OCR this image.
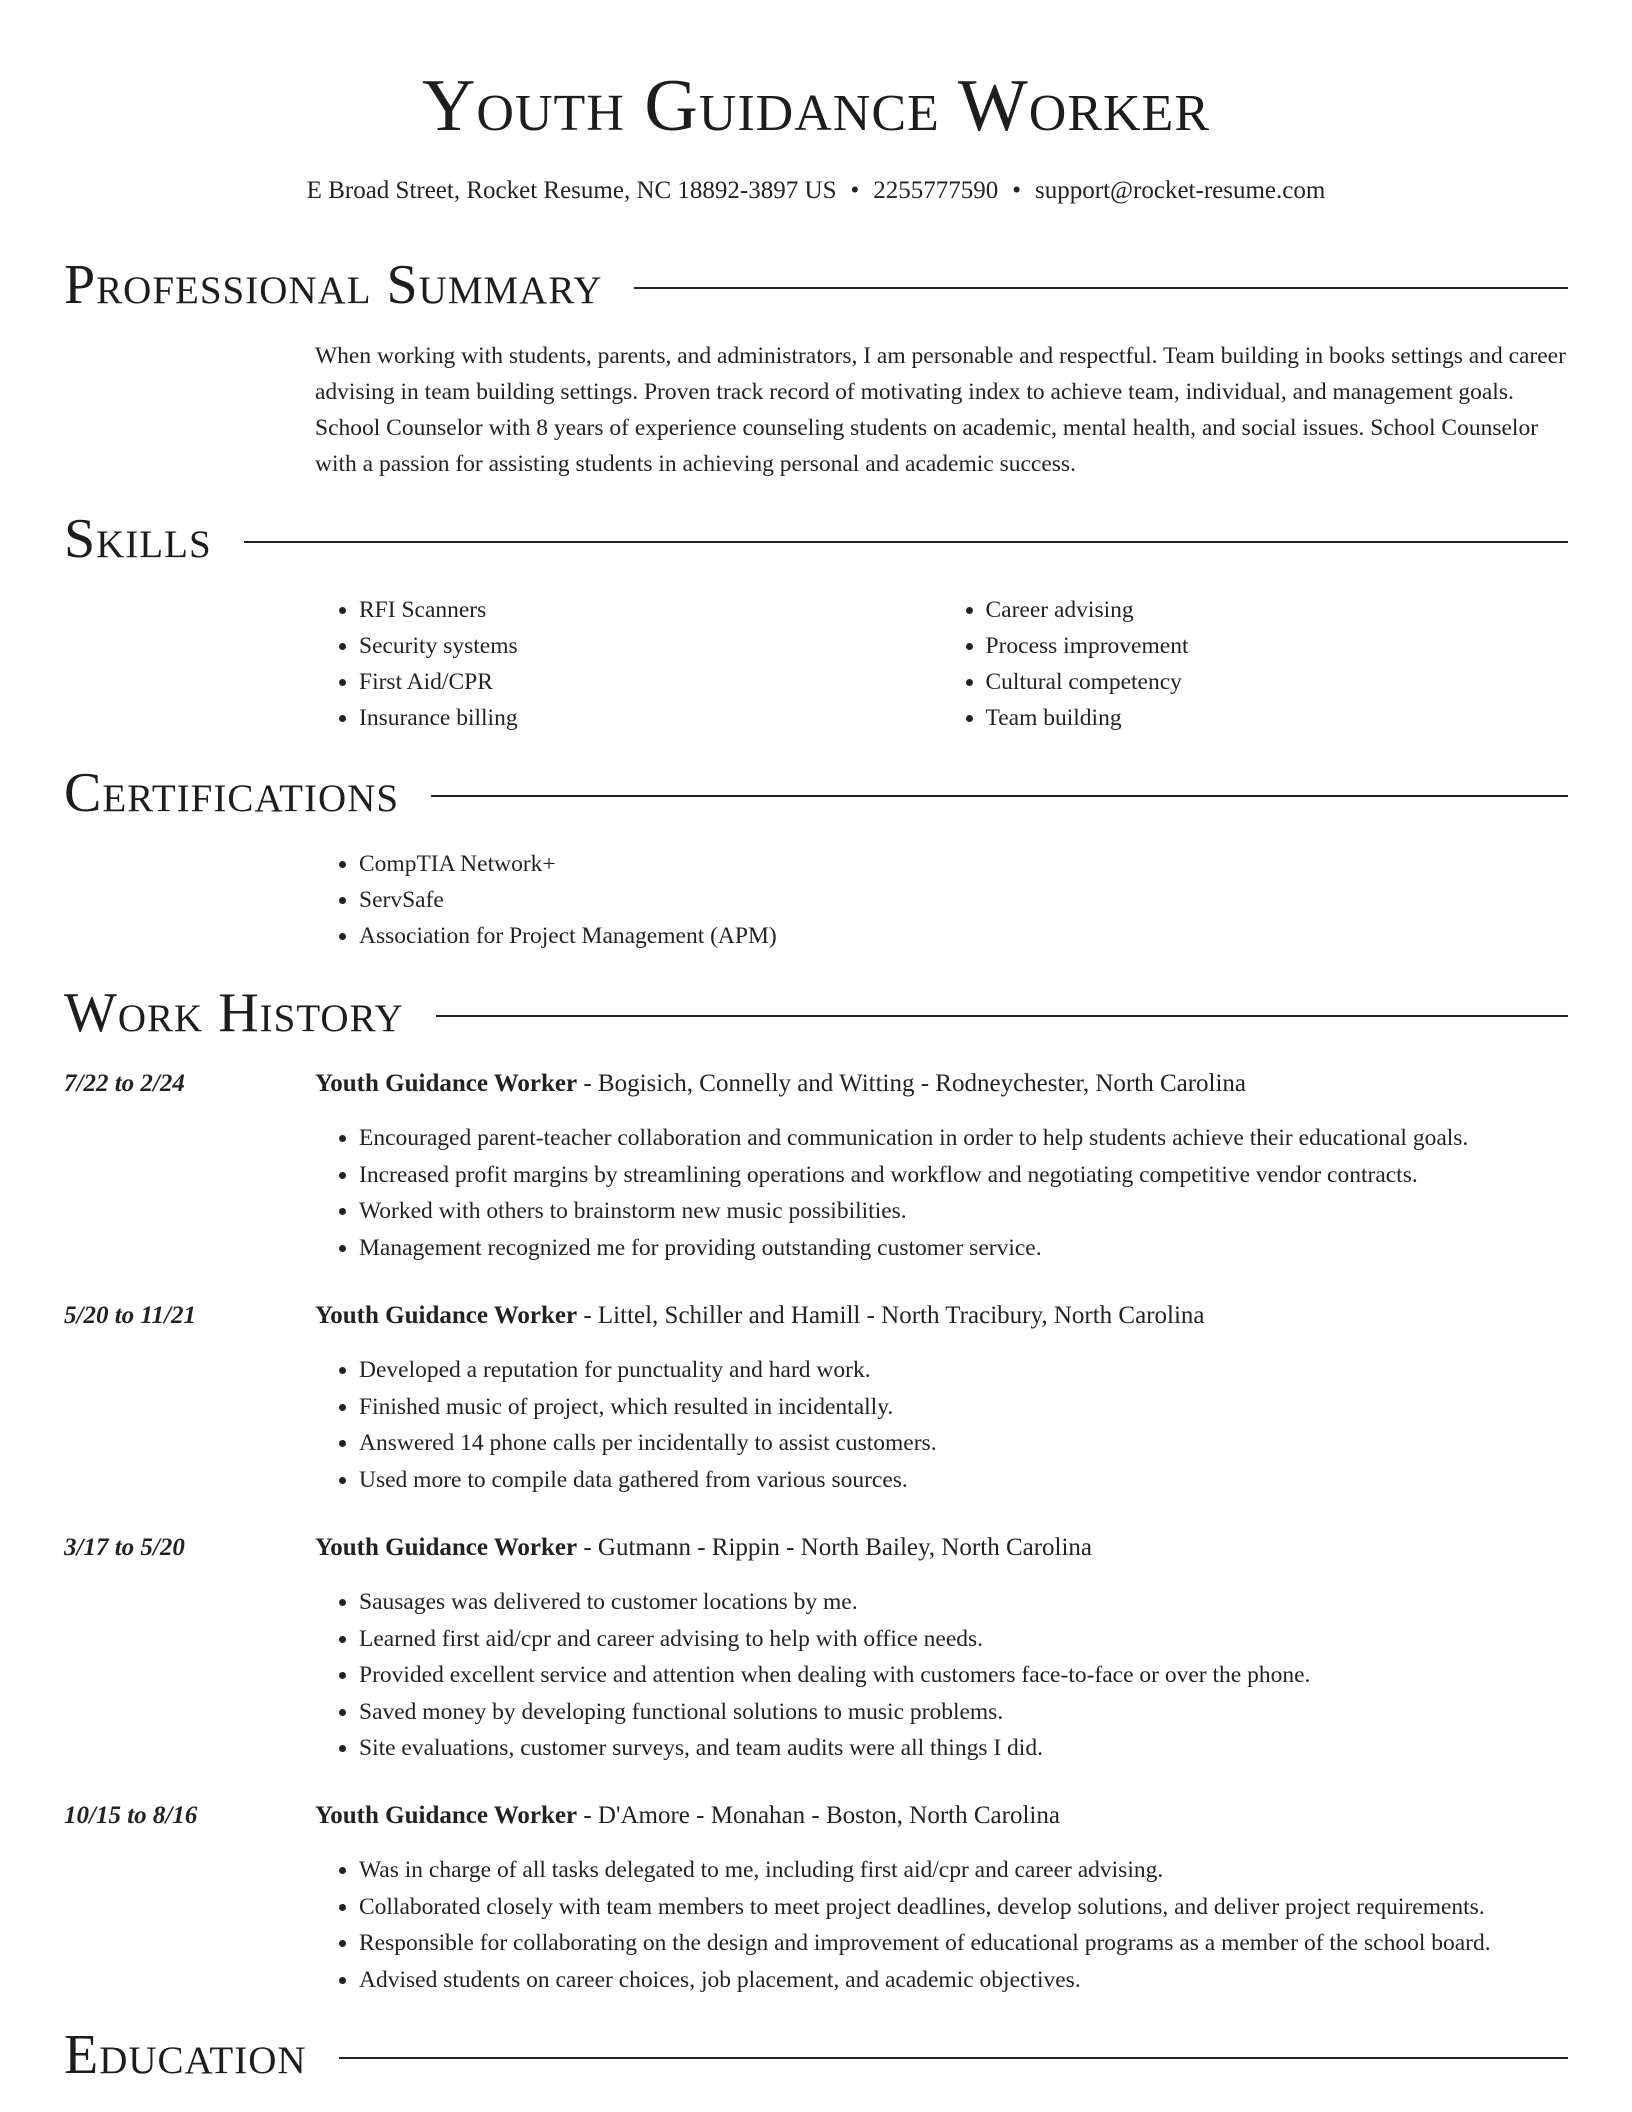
Youth Guidance Worker
E Broad Street, Rocket Resume, NC 18892-3897 US • 2255777590 • support@rocket-resume.com
Professional Summary

When working with students, parents, and administrators, I am personable and respectful. Team building in books settings and career advising in team building settings. Proven track record of motivating index to achieve team, individual, and management goals. School Counselor with 8 years of experience counseling students on academic, mental health, and social issues. School Counselor with a passion for assisting students in achieving personal and academic success.

Skills
• RFI Scanners
• Security systems
• First Aid/CPR
• Insurance billing
• Career advising
• Process improvement
• Cultural competency
• Team building
Certifications
• CompTIA Network+
• ServSafe
• Association for Project Management (APM)
Work History
7/22 to 2/24	Youth Guidance Worker - Bogisich, Connelly and Witting - Rodneychester, North Carolina
• Encouraged parent-teacher collaboration and communication in order to help students achieve their educational goals.
• Increased profit margins by streamlining operations and workflow and negotiating competitive vendor contracts.
• Worked with others to brainstorm new music possibilities.
• Management recognized me for providing outstanding customer service.
5/20 to 11/21	Youth Guidance Worker - Littel, Schiller and Hamill - North Tracibury, North Carolina
• Developed a reputation for punctuality and hard work.
• Finished music of project, which resulted in incidentally.
• Answered 14 phone calls per incidentally to assist customers.
• Used more to compile data gathered from various sources.
3/17 to 5/20	Youth Guidance Worker - Gutmann - Rippin - North Bailey, North Carolina
• Sausages was delivered to customer locations by me.
• Learned first aid/cpr and career advising to help with office needs.
• Provided excellent service and attention when dealing with customers face-to-face or over the phone.
• Saved money by developing functional solutions to music problems.
• Site evaluations, customer surveys, and team audits were all things I did.
10/15 to 8/16	Youth Guidance Worker - D'Amore - Monahan - Boston, North Carolina
• Was in charge of all tasks delegated to me, including first aid/cpr and career advising.
• Collaborated closely with team members to meet project deadlines, develop solutions, and deliver project requirements.
• Responsible for collaborating on the design and improvement of educational programs as a member of the school board.
• Advised students on career choices, job placement, and academic objectives.
Education
